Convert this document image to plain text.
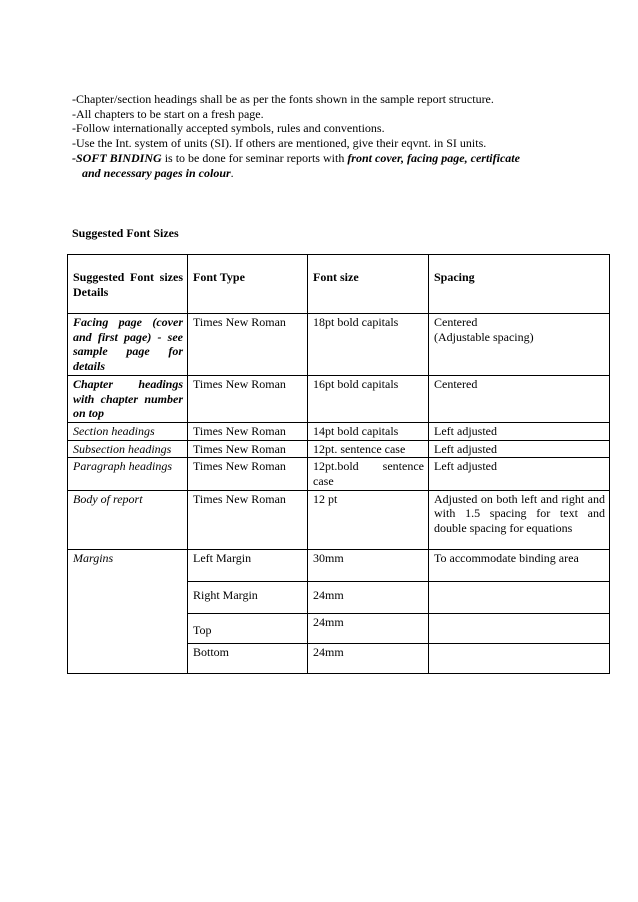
-Chapter/section headings shall be as per the fonts shown in the sample report structure.

-All chapters to be start on a fresh page.

-Follow internationally accepted symbols, rules and conventions.

-Use the Int. system of units (SI). If others are mentioned, give their eqvnt. in SI units.

-SOFT BINDING is to be done for seminar reports with front cover, facing page, certificate

and necessary pages in colour.

Suggested Font Sizes
Suggested Font sizes Details	Font Type	Font size	Spacing
Facing page (cover and first page) - see sample page for details	Times New Roman	18pt bold capitals	Centered
(Adjustable spacing)

Chapter headings with chapter number on top	Times New Roman	16pt bold capitals	Centered
Section headings	Times New Roman	14pt bold capitals	Left adjusted
Subsection headings	Times New Roman	12pt. sentence case	Left adjusted
Paragraph headings	Times New Roman	12pt.bold sentence case	Left adjusted
Body of report	Times New Roman	12 pt	Adjusted on both left and right and with 1.5 spacing for text and double spacing for equations
Margins	Left Margin	30mm	To accommodate binding area
	Right Margin	24mm	
	Top	24mm	
	Bottom	24mm	
